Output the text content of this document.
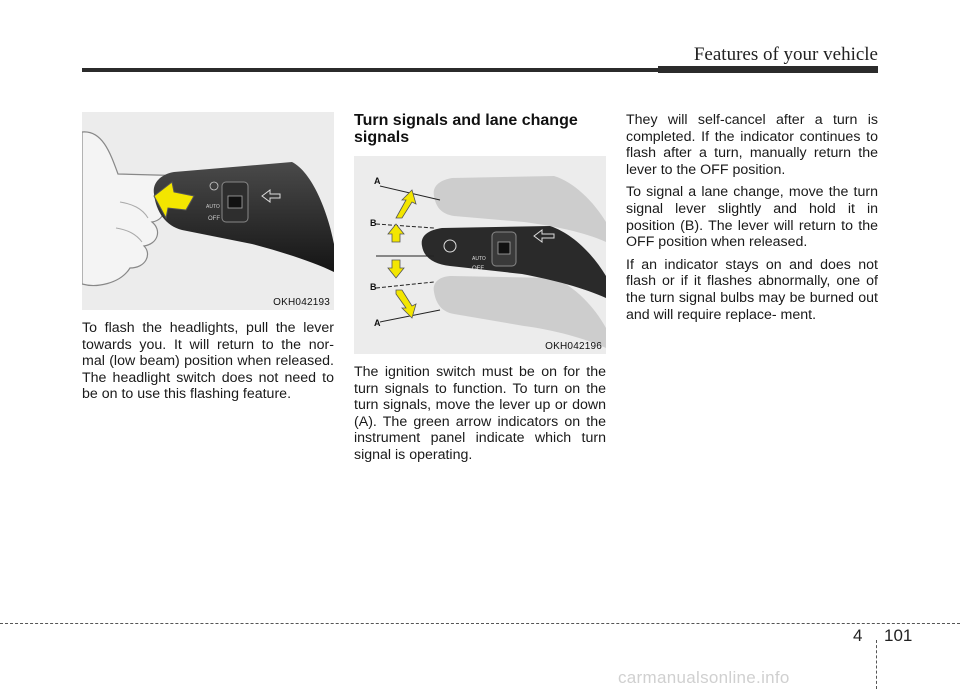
Features of your vehicle
OFF
AUTO
OKH042193
OFF
AUTO
A
B
B
A
OKH042196

To flash the headlights, pull the lever towards you. It will return to the nor- mal (low beam) position when released. The headlight switch does not need to be on to use this flashing feature.

Turn signals and lane change signals

The ignition switch must be on for the turn signals to function. To turn on the turn signals, move the lever up or down (A). The green arrow indicators on the instrument panel indicate which turn signal is operating.

They will self-cancel after a turn is completed. If the indicator continues to flash after a turn, manually return the lever to the OFF position.

To signal a lane change, move the turn signal lever slightly and hold it in position (B). The lever will return to the OFF position when released.

If an indicator stays on and does not flash or if it flashes abnormally, one of the turn signal bulbs may be burned out and will require replace- ment.

4 101
carmanualsonline.info
